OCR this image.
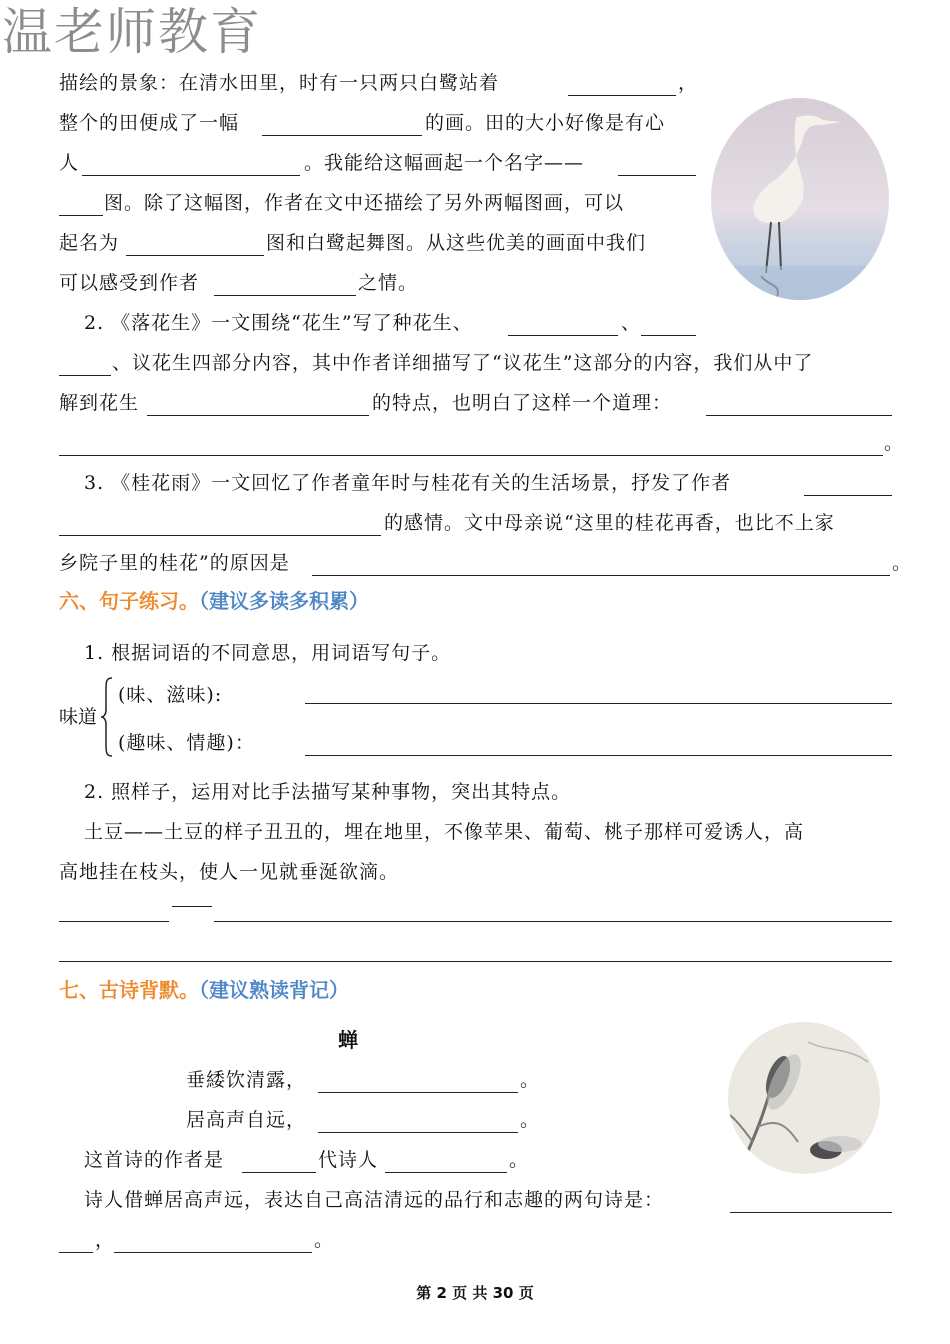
温老师教育
描绘的景象：在清水田里，时有一只两只白鹭站着	，
整个的田便成了一幅	的画。田的大小好像是有心
人	。我能给这幅画起一个名字——
图。除了这幅图，作者在文中还描绘了另外两幅图画，可以
起名为	图和白鹭起舞图。从这些优美的画面中我们
可以感受到作者	之情。
2. 《落花生》一文围绕“花生”写了种花生、	、
、议花生四部分内容，其中作者详细描写了“议花生”这部分的内容，我们从中了
解到花生	的特点，也明白了这样一个道理：
。
3. 《桂花雨》一文回忆了作者童年时与桂花有关的生活场景，抒发了作者
的感情。文中母亲说“这里的桂花再香，也比不上家
乡院子里的桂花”的原因是	。
六、句子练习。（建议多读多积累）
1. 根据词语的不同意思，用词语写句子。
味道
(味、滋味):
(趣味、情趣)：
2. 照样子，运用对比手法描写某种事物，突出其特点。
土豆——土豆的样子丑丑的，埋在地里，不像苹果、葡萄、桃子那样可爱诱人，高
高地挂在枝头，使人一见就垂涎欲滴。
七、古诗背默。（建议熟读背记）
蝉
垂緌饮清露，	。
居高声自远，	。
这首诗的作者是	代诗人	。
诗人借蝉居高声远，表达自己高洁清远的品行和志趣的两句诗是：
，	。
第 2 页 共 30 页
